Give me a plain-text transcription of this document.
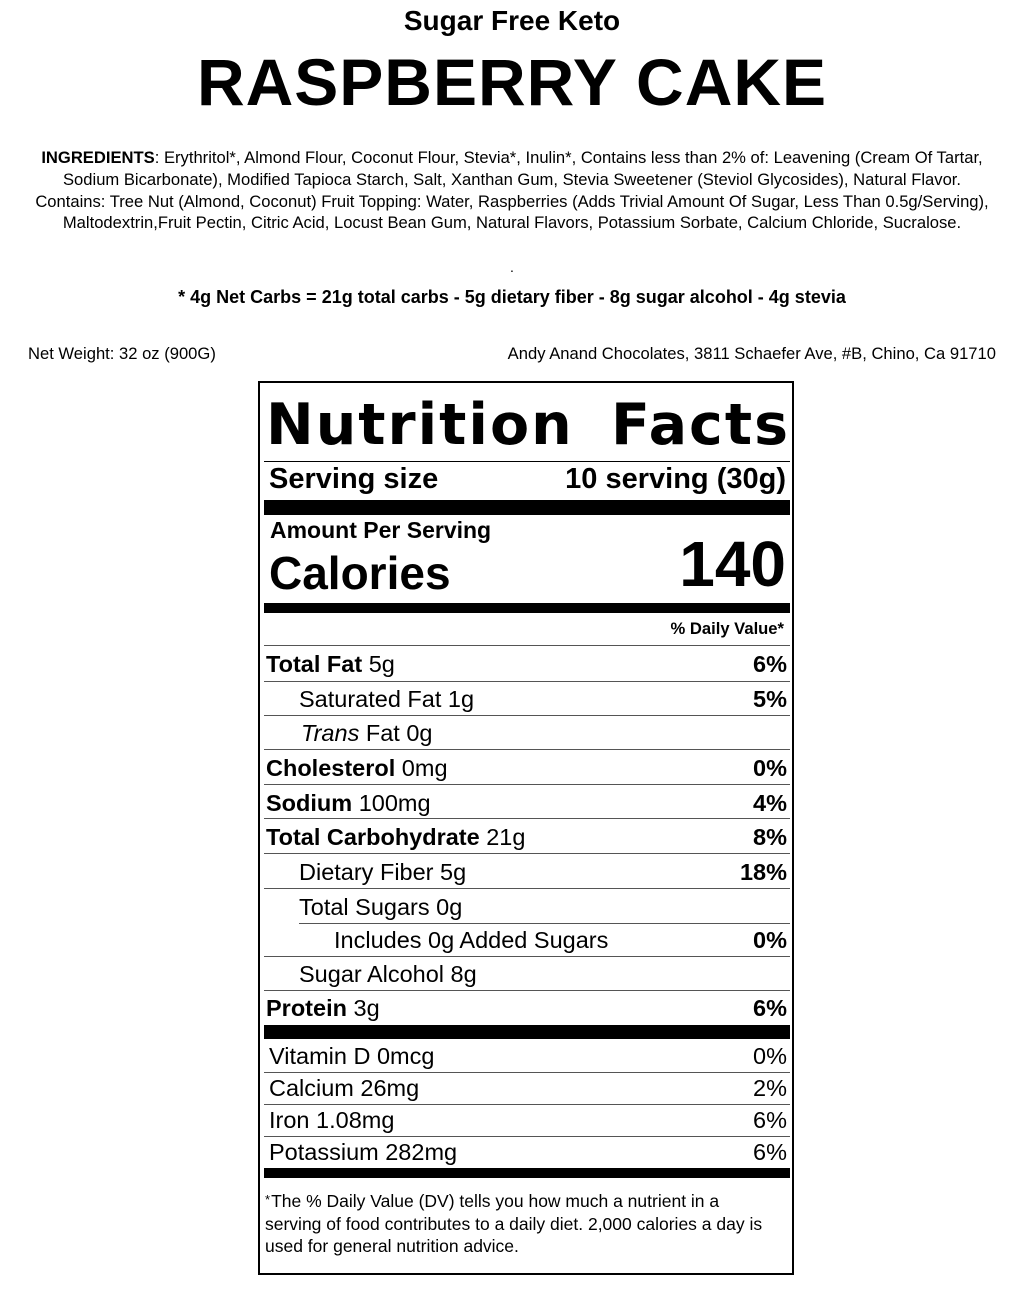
Sugar Free Keto
RASPBERRY CAKE
INGREDIENTS: Erythritol*, Almond Flour, Coconut Flour, Stevia*, Inulin*, Contains less than 2% of: Leavening (Cream Of Tartar, Sodium Bicarbonate), Modified Tapioca Starch, Salt, Xanthan Gum, Stevia Sweetener (Steviol Glycosides), Natural Flavor. Contains: Tree Nut (Almond, Coconut) Fruit Topping: Water, Raspberries (Adds Trivial Amount Of Sugar, Less Than 0.5g/Serving), Maltodextrin,Fruit Pectin, Citric Acid, Locust Bean Gum, Natural Flavors, Potassium Sorbate, Calcium Chloride, Sucralose.
.
* 4g Net Carbs = 21g total carbs - 5g dietary fiber - 8g sugar alcohol - 4g stevia
Net Weight: 32 oz (900G)	Andy Anand Chocolates, 3811 Schaefer Ave, #B, Chino, Ca 91710
Nutrition Facts
Serving size	10 serving (30g)
Amount Per Serving
Calories	140
% Daily Value*
Total Fat 5g	6%
Saturated Fat 1g	5%
Trans Fat 0g
Cholesterol 0mg	0%
Sodium 100mg	4%
Total Carbohydrate 21g	8%
Dietary Fiber 5g	18%
Total Sugars 0g
Includes 0g Added Sugars	0%
Sugar Alcohol 8g
Protein 3g	6%
Vitamin D 0mcg	0%
Calcium 26mg	2%
Iron 1.08mg	6%
Potassium 282mg	6%
*The % Daily Value (DV) tells you how much a nutrient in a serving of food contributes to a daily diet. 2,000 calories a day is used for general nutrition advice.
